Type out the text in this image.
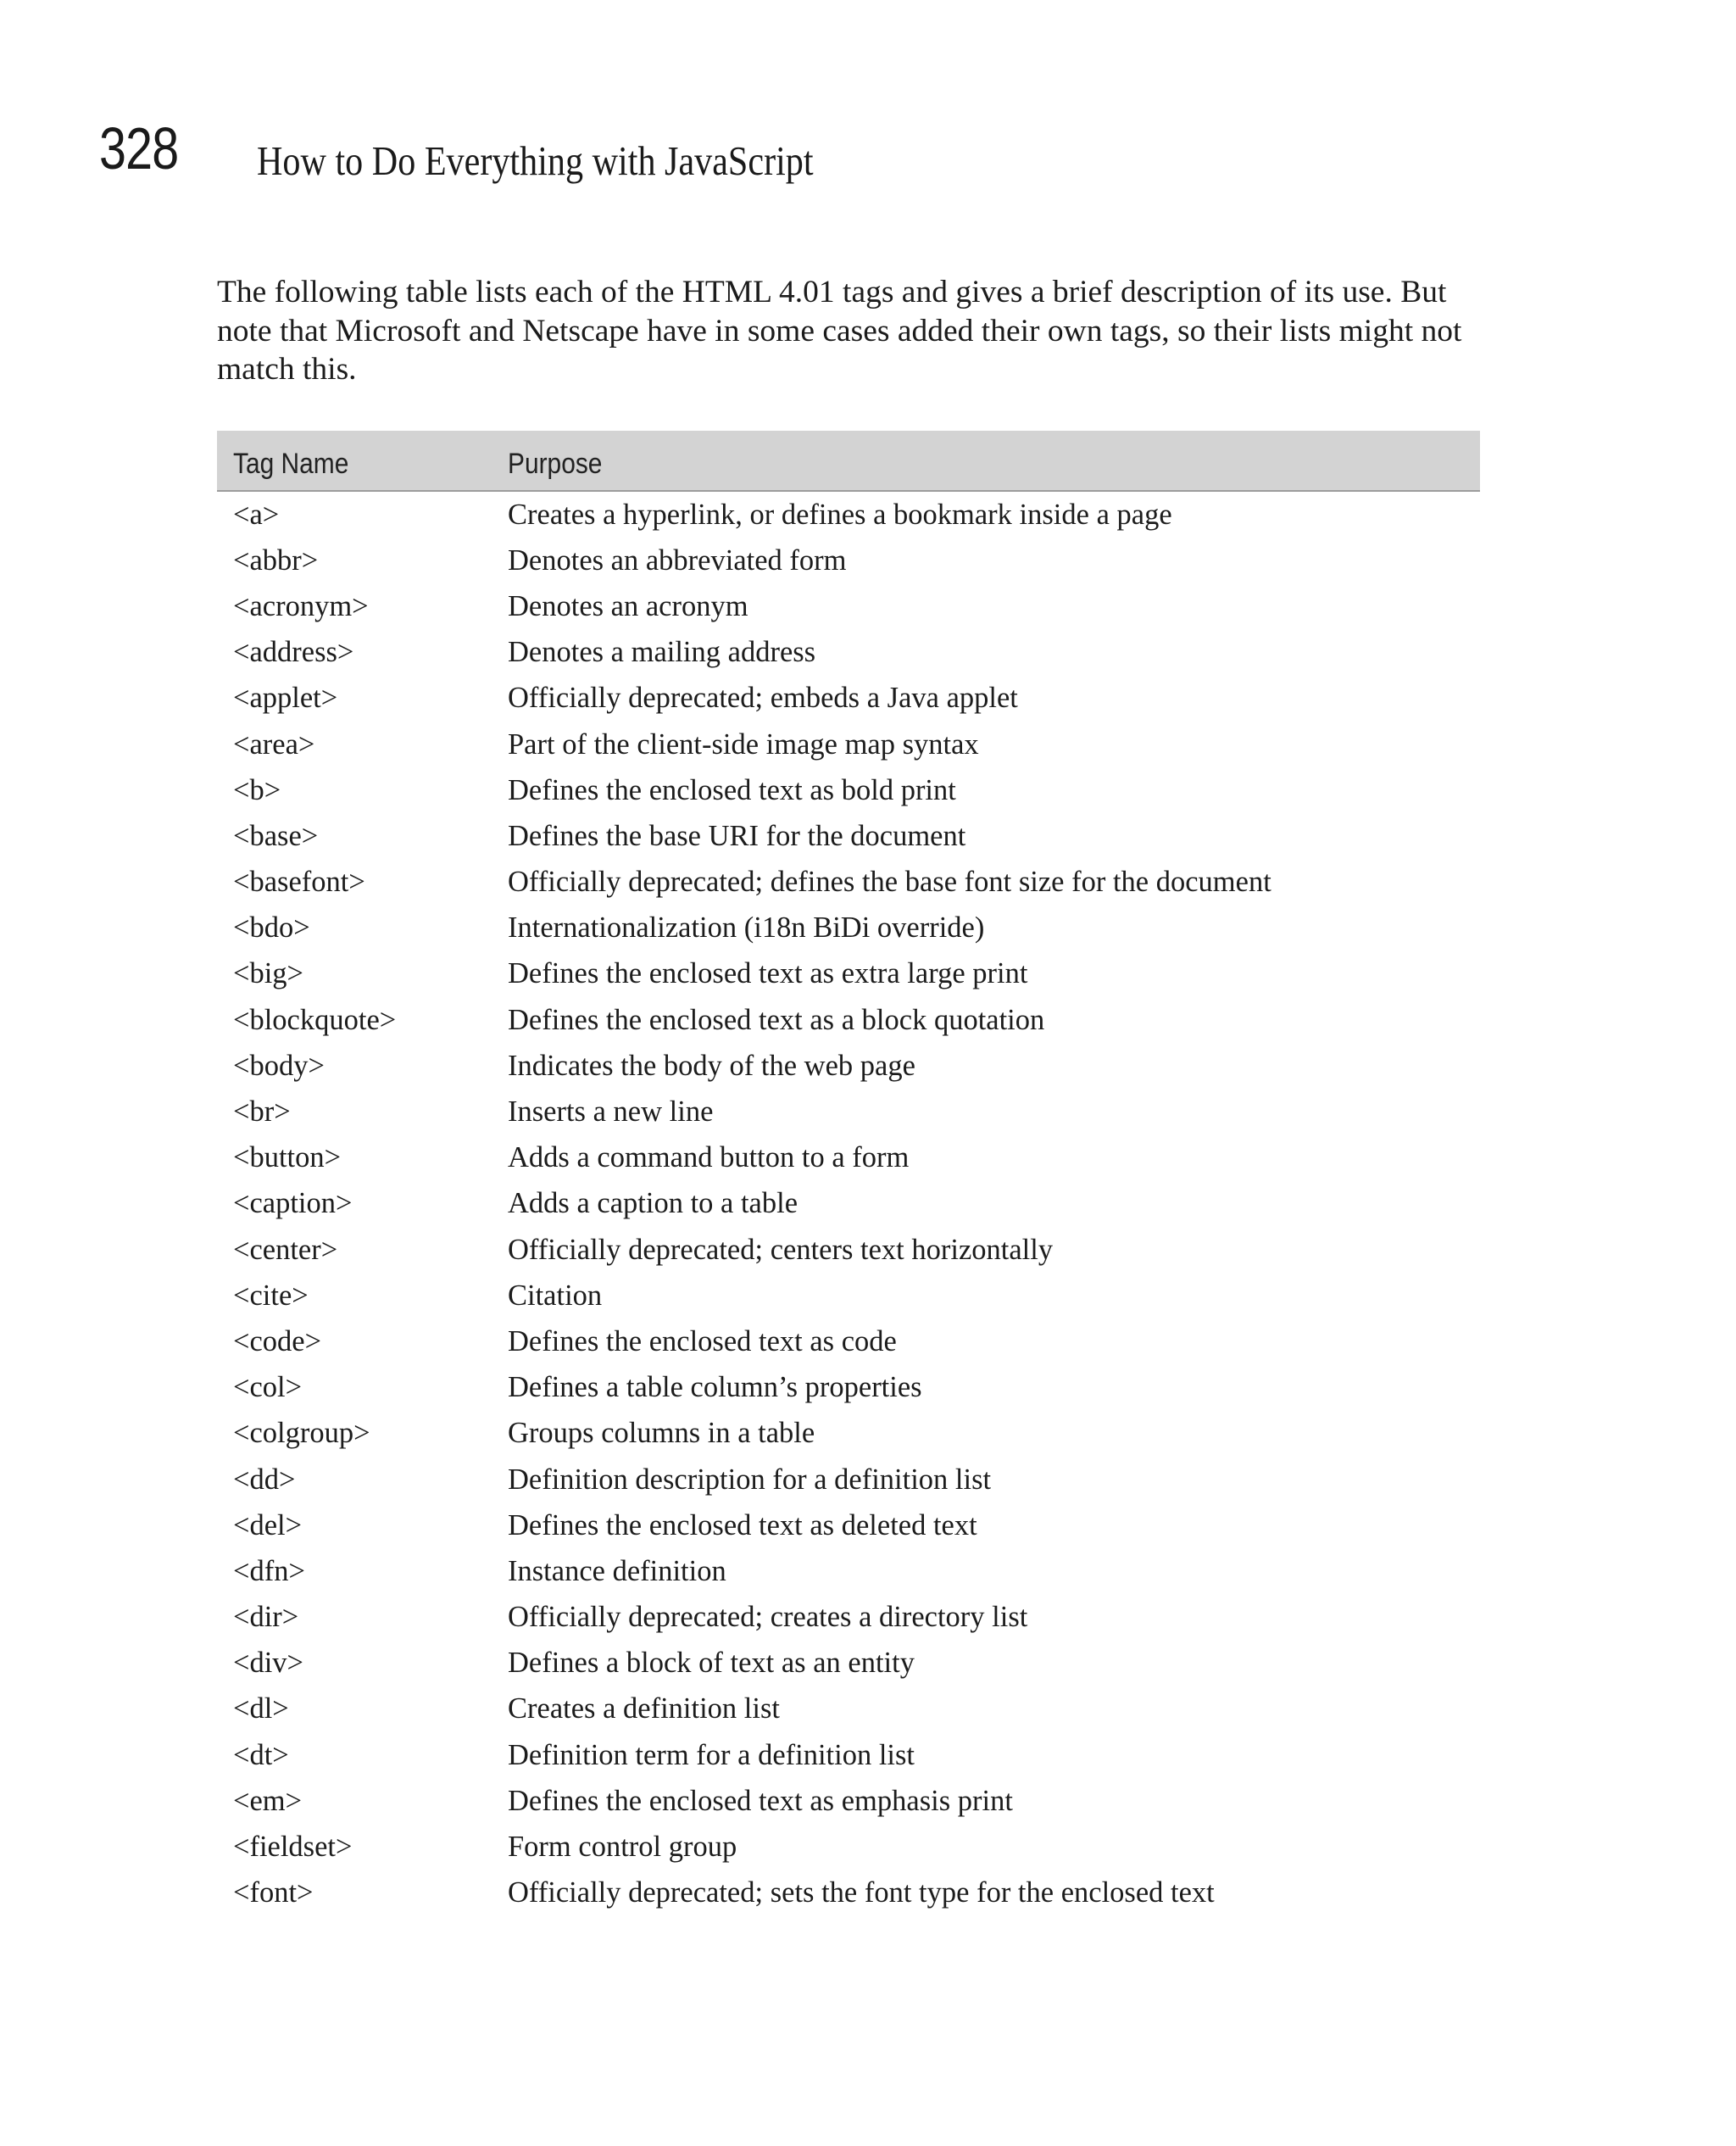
328 How to Do Everything with JavaScript

The following table lists each of the HTML 4.01 tags and gives a brief description of its use. But note that Microsoft and Netscape have in some cases added their own tags, so their lists might not match this.

Tag Name	Purpose
<a>	Creates a hyperlink, or defines a bookmark inside a page
<abbr>	Denotes an abbreviated form
<acronym>	Denotes an acronym
<address>	Denotes a mailing address
<applet>	Officially deprecated; embeds a Java applet
<area>	Part of the client-side image map syntax
<b>	Defines the enclosed text as bold print
<base>	Defines the base URI for the document
<basefont>	Officially deprecated; defines the base font size for the document
<bdo>	Internationalization (i18n BiDi override)
<big>	Defines the enclosed text as extra large print
<blockquote>	Defines the enclosed text as a block quotation
<body>	Indicates the body of the web page
<br>	Inserts a new line
<button>	Adds a command button to a form
<caption>	Adds a caption to a table
<center>	Officially deprecated; centers text horizontally
<cite>	Citation
<code>	Defines the enclosed text as code
<col>	Defines a table column’s properties
<colgroup>	Groups columns in a table
<dd>	Definition description for a definition list
<del>	Defines the enclosed text as deleted text
<dfn>	Instance definition
<dir>	Officially deprecated; creates a directory list
<div>	Defines a block of text as an entity
<dl>	Creates a definition list
<dt>	Definition term for a definition list
<em>	Defines the enclosed text as emphasis print
<fieldset>	Form control group
<font>	Officially deprecated; sets the font type for the enclosed text
